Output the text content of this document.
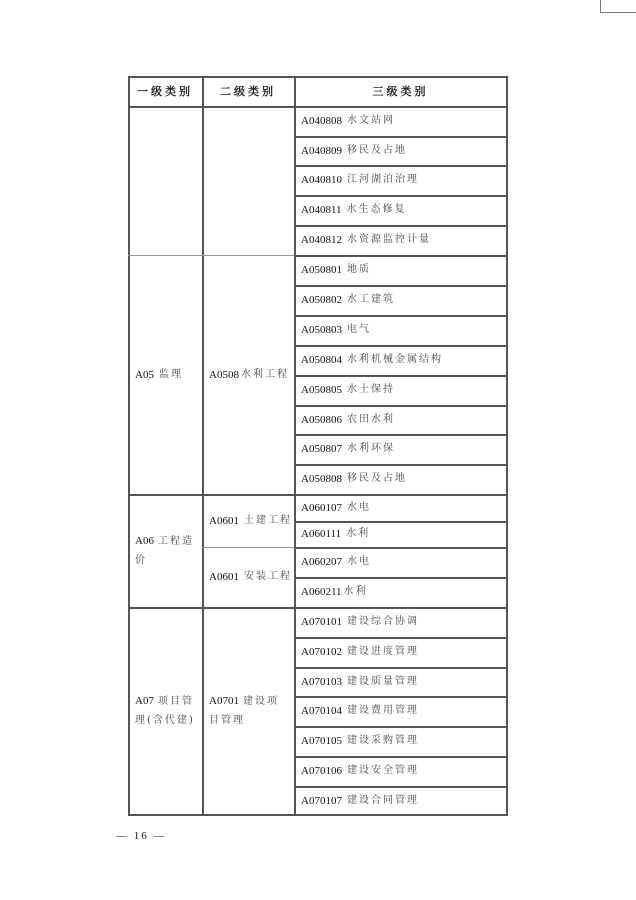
一级类别	二级类别	三级类别
A040808 水文站网
A040809 移民及占地
A040810 江河湖泊治理
A040811 水生态修复
A040812 水资源监控计量
A05 监理 A0508 水利工程
A050801 地质
A050802 水工建筑
A050803 电气
A050804 水利机械金属结构
A050805 水土保持
A050806 农田水利
A050807 水利环保
A050808 移民及占地
A06 工程造价
A0601 土建工程
A0601 安装工程
A060107 水电
A060111 水利
A060207 水电
A060211 水利
A07 项目管理(含代建)
A0701 建设项目管理
A070101 建设综合协调
A070102 建设进度管理
A070103 建设质量管理
A070104 建设费用管理
A070105 建设采购管理
A070106 建设安全管理
A070107 建设合同管理
— 16 —
